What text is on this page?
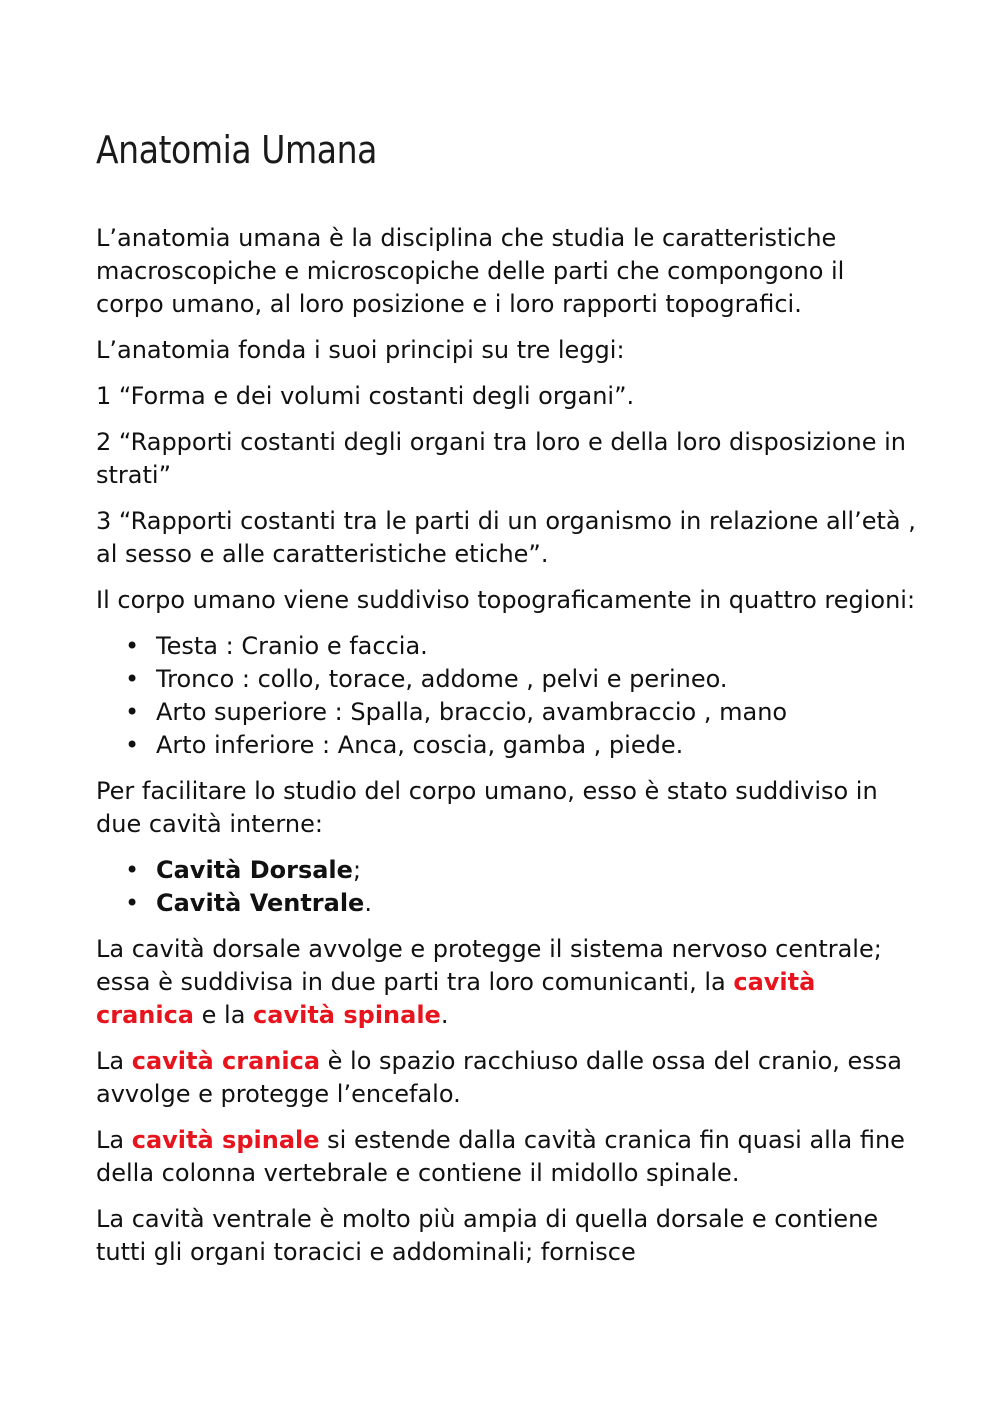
Anatomia Umana

L’anatomia umana è la disciplina che studia le caratteristiche macroscopiche e microscopiche delle parti che compongono il corpo umano, al loro posizione e i loro rapporti topografici.

L’anatomia fonda i suoi principi su tre leggi:

1 “Forma e dei volumi costanti degli organi”.

2 “Rapporti costanti degli organi tra loro e della loro disposizione in strati”

3 “Rapporti costanti tra le parti di un organismo in relazione all’età , al sesso e alle caratteristiche etiche”.

Il corpo umano viene suddiviso topograficamente in quattro regioni:

• Testa : Cranio e faccia.
• Tronco : collo, torace, addome , pelvi e perineo.
• Arto superiore : Spalla, braccio, avambraccio , mano
• Arto inferiore : Anca, coscia, gamba , piede.

Per facilitare lo studio del corpo umano, esso è stato suddiviso in due cavità interne:

• Cavità Dorsale;
• Cavità Ventrale.

La cavità dorsale avvolge e protegge il sistema nervoso centrale; essa è suddivisa in due parti tra loro comunicanti, la cavità cranica e la cavità spinale.

La cavità cranica è lo spazio racchiuso dalle ossa del cranio, essa avvolge e protegge l’encefalo.

La cavità spinale si estende dalla cavità cranica fin quasi alla fine della colonna vertebrale e contiene il midollo spinale.

La cavità ventrale è molto più ampia di quella dorsale e contiene tutti gli organi toracici e addominali; fornisce
